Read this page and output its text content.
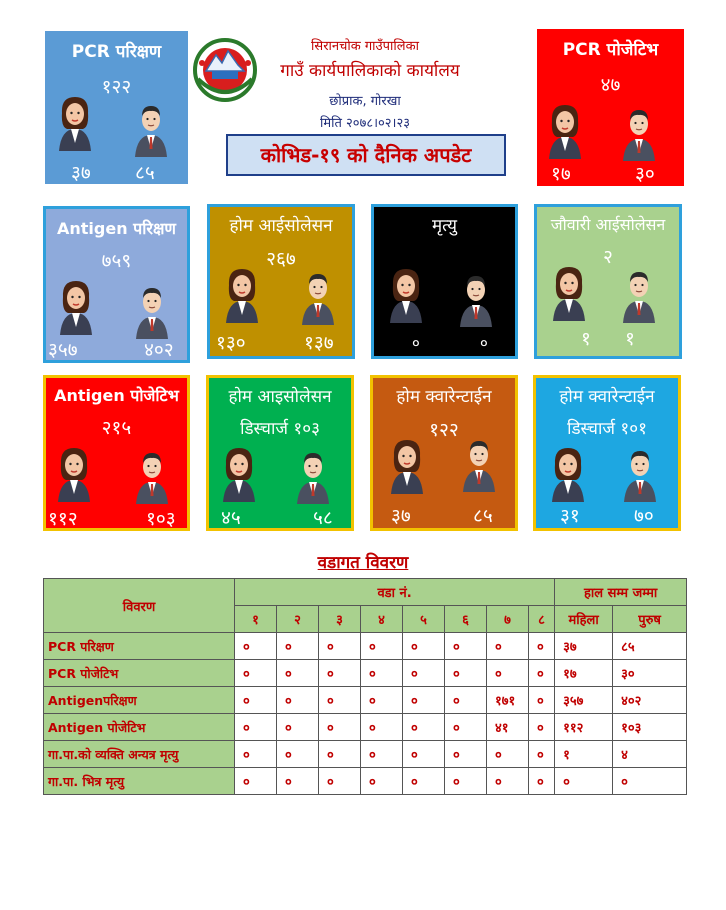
सिरानचोक गाउँपालिका
गाउँ कार्यपालिकाको कार्यालय
छोप्राक, गोरखा
मिति २०७८।०२।२३
कोभिड-१९ को दैनिक अपडेट
PCR परिक्षण
१२२
३७ ८५
PCR पोजेटिभ
४७
१७	३०
Antigen परिक्षण
७५९
३५७	४०२
होम आईसोलेसन
२६७
१३०	१३७
मृत्यु
०	०
जौवारी आईसोलेसन
२
१ १
Antigen पोजेटिभ
२१५
११२	१०३
होम आइसोलेसन
डिस्चार्ज १०३
४५	५८
होम क्वारेन्टाईन
१२२
३७	८५
होम क्वारेन्टाईन
डिस्चार्ज १०१
३१	७०
वडागत विवरण
विवरण	वडा नं.								हाल सम्म जम्मा	
	१	२	३	४	५	६	७	८	महिला	पुरुष
PCR परिक्षण	०	०	०	०	०	०	०	०	३७	८५
PCR पोजेटिभ	०	०	०	०	०	०	०	०	१७	३०
Antigenपरिक्षण	०	०	०	०	०	०	१७१	०	३५७	४०२
Antigen पोजेटिभ	०	०	०	०	०	०	४१	०	११२	१०३
गा.पा.को व्यक्ति अन्यत्र मृत्यु	०	०	०	०	०	०	०	०	१	४
गा.पा. भित्र मृत्यु	०	०	०	०	०	०	०	०	०	०
